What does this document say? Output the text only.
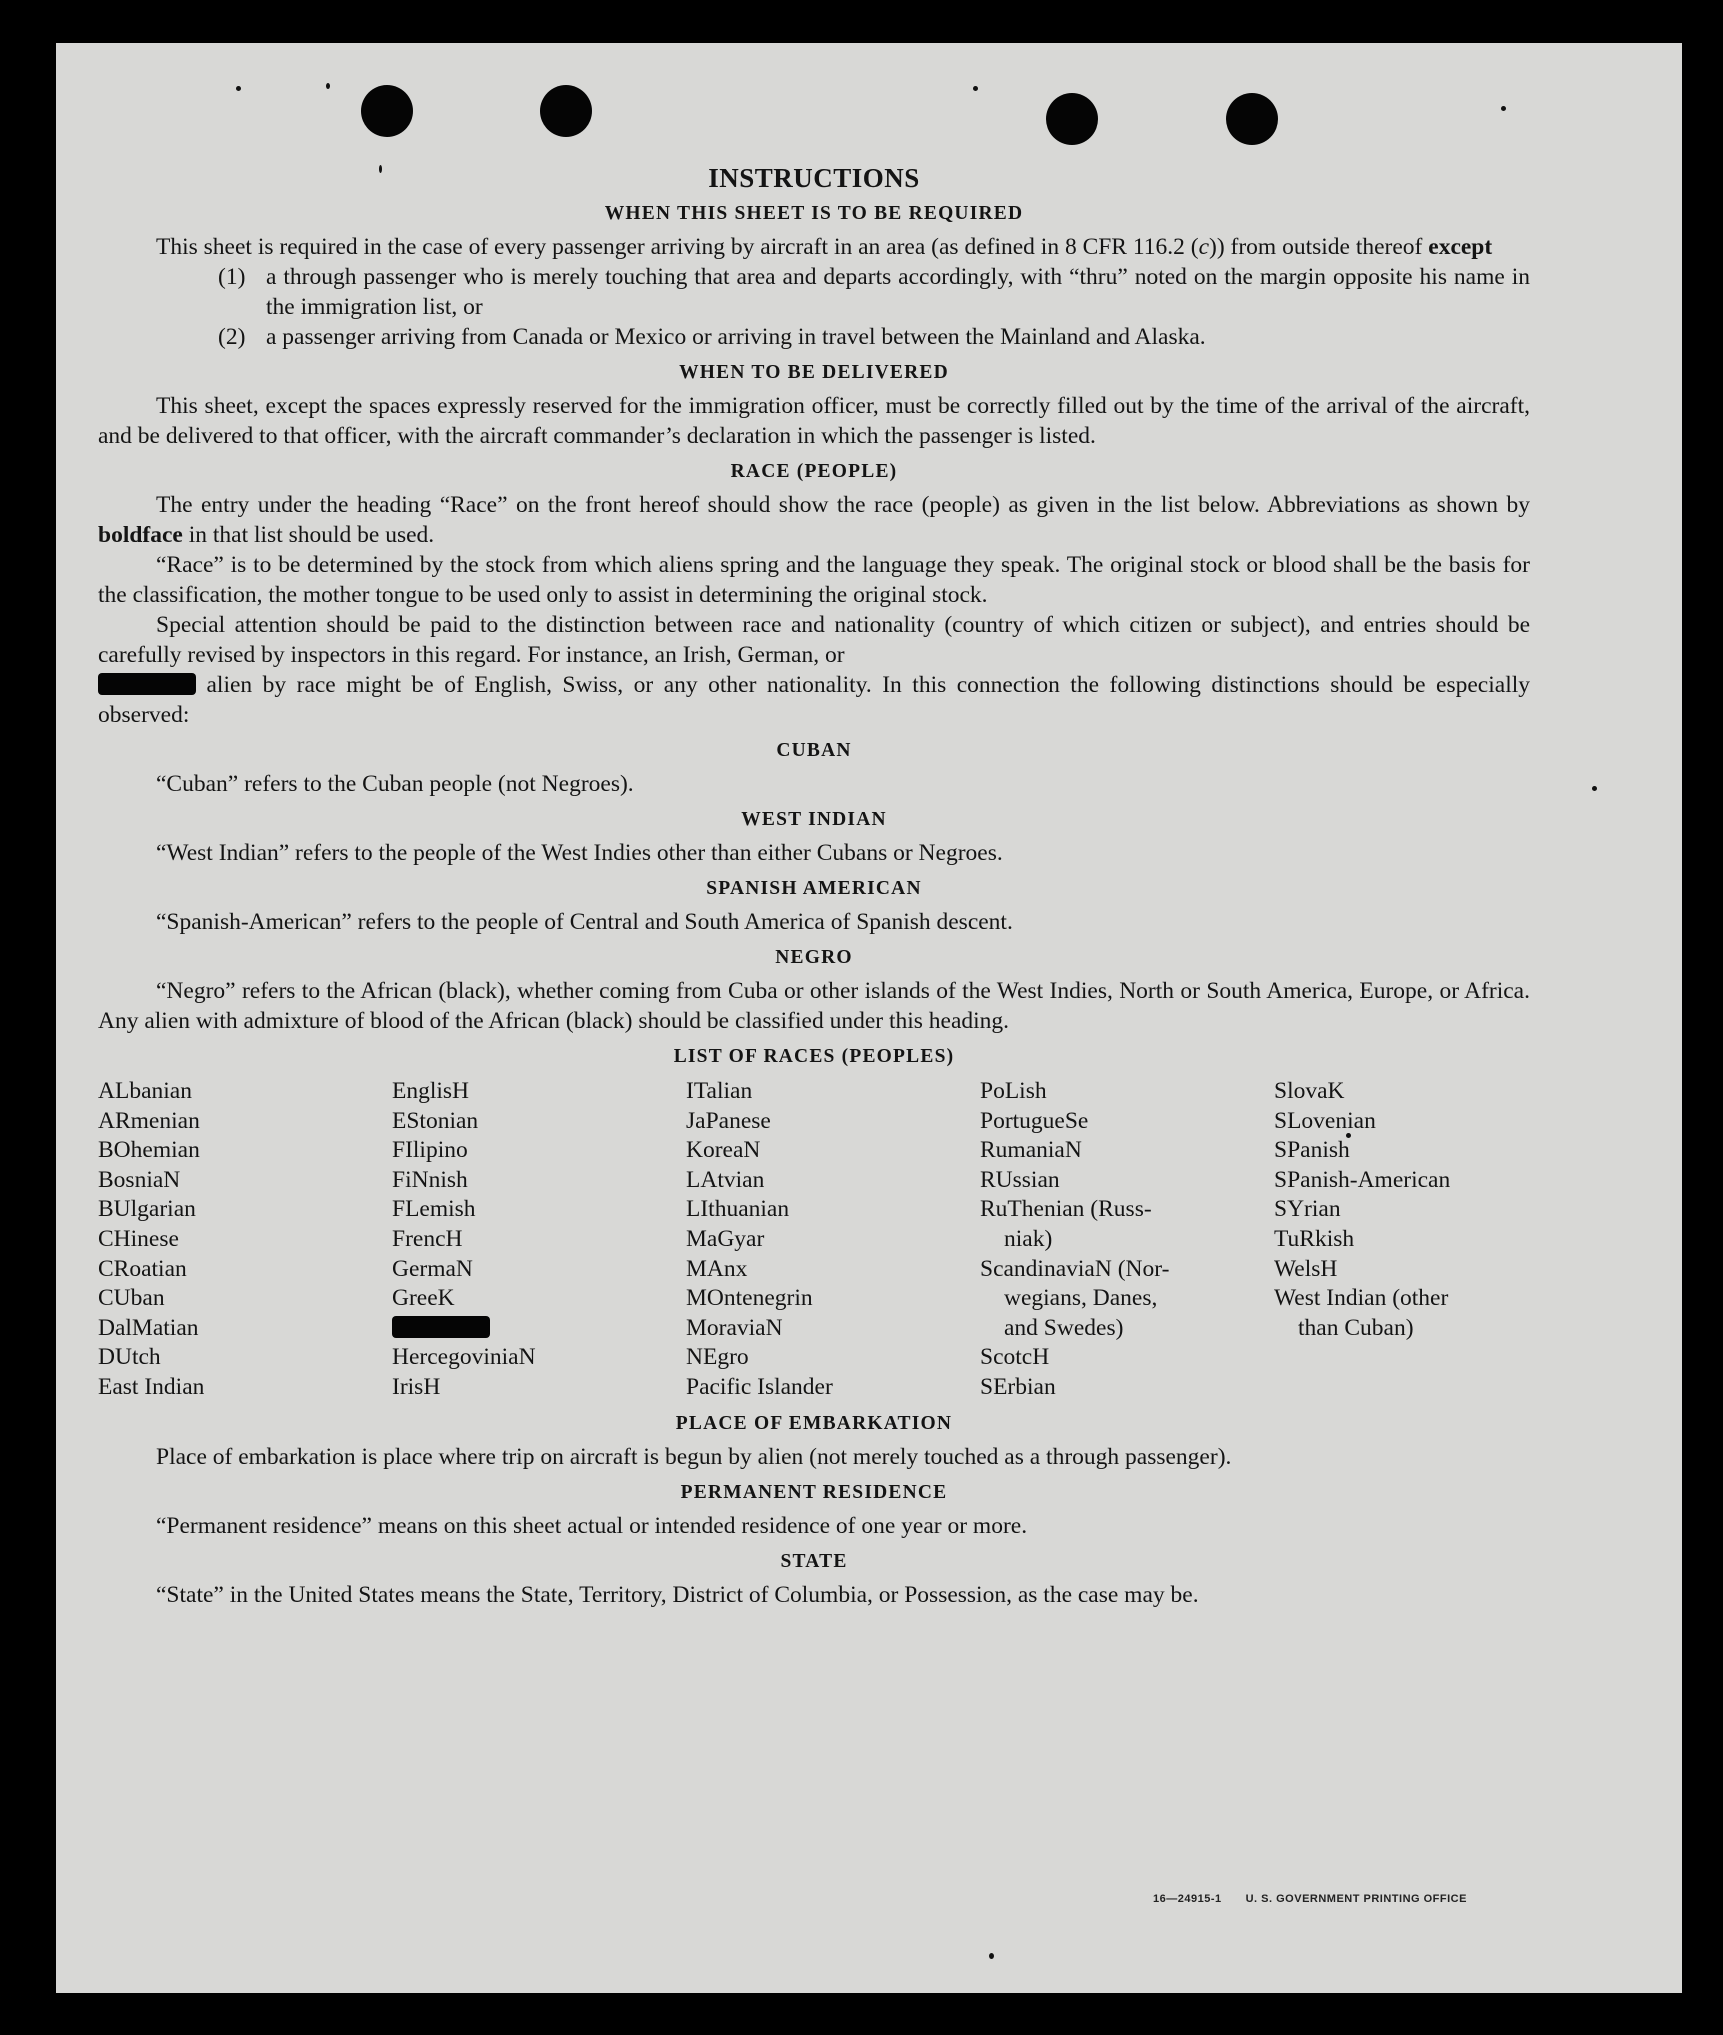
INSTRUCTIONS
WHEN THIS SHEET IS TO BE REQUIRED

This sheet is required in the case of every passenger arriving by aircraft in an area (as defined in 8 CFR 116.2 (c)) from outside thereof except

(1) a through passenger who is merely touching that area and departs accordingly, with “thru” noted on the margin opposite his name in the immigration list, or
(2) a passenger arriving from Canada or Mexico or arriving in travel between the Mainland and Alaska.
WHEN TO BE DELIVERED

This sheet, except the spaces expressly reserved for the immigration officer, must be correctly filled out by the time of the arrival of the aircraft, and be delivered to that officer, with the aircraft commander’s declaration in which the passenger is listed.

RACE (PEOPLE)

The entry under the heading “Race” on the front hereof should show the race (people) as given in the list below. Abbreviations as shown by boldface in that list should be used.

“Race” is to be determined by the stock from which aliens spring and the language they speak. The original stock or blood shall be the basis for the classification, the mother tongue to be used only to assist in determining the original stock.

Special attention should be paid to the distinction between race and nationality (country of which citizen or subject), and entries should be carefully revised by inspectors in this regard. For instance, an Irish, German, or
alien by race might be of English, Swiss, or any other nationality. In this connection the following distinctions should be especially observed:

CUBAN

“Cuban” refers to the Cuban people (not Negroes).

WEST INDIAN

“West Indian” refers to the people of the West Indies other than either Cubans or Negroes.

SPANISH AMERICAN

“Spanish-American” refers to the people of Central and South America of Spanish descent.

NEGRO

“Negro” refers to the African (black), whether coming from Cuba or other islands of the West Indies, North or South America, Europe, or Africa. Any alien with admixture of blood of the African (black) should be classified under this heading.

LIST OF RACES (PEOPLES)
ALbanian
ARmenian
BOhemian
BosniaN
BUlgarian
CHinese
CRoatian
CUban
DalMatian
DUtch
East Indian
EnglisH
EStonian
FIlipino
FiNnish
FLemish
FrencH
GermaN
GreeK
HercegoviniaN
IrisH
ITalian
JaPanese
KoreaN
LAtvian
LIthuanian
MaGyar
MAnx
MOntenegrin
MoraviaN
NEgro
Pacific Islander
PoLish
PortugueSe
RumaniaN
RUssian
RuThenian (Russ-
niak)
ScandinaviaN (Nor-
wegians, Danes,
and Swedes)
ScotcH
SErbian
SlovaK
SLovenian
SPanish
SPanish-American
SYrian
TuRkish
WelsH
West Indian (other
than Cuban)
PLACE OF EMBARKATION

Place of embarkation is place where trip on aircraft is begun by alien (not merely touched as a through passenger).

PERMANENT RESIDENCE

“Permanent residence” means on this sheet actual or intended residence of one year or more.

STATE

“State” in the United States means the State, Territory, District of Columbia, or Possession, as the case may be.

16—24915-1 U. S. GOVERNMENT PRINTING OFFICE
